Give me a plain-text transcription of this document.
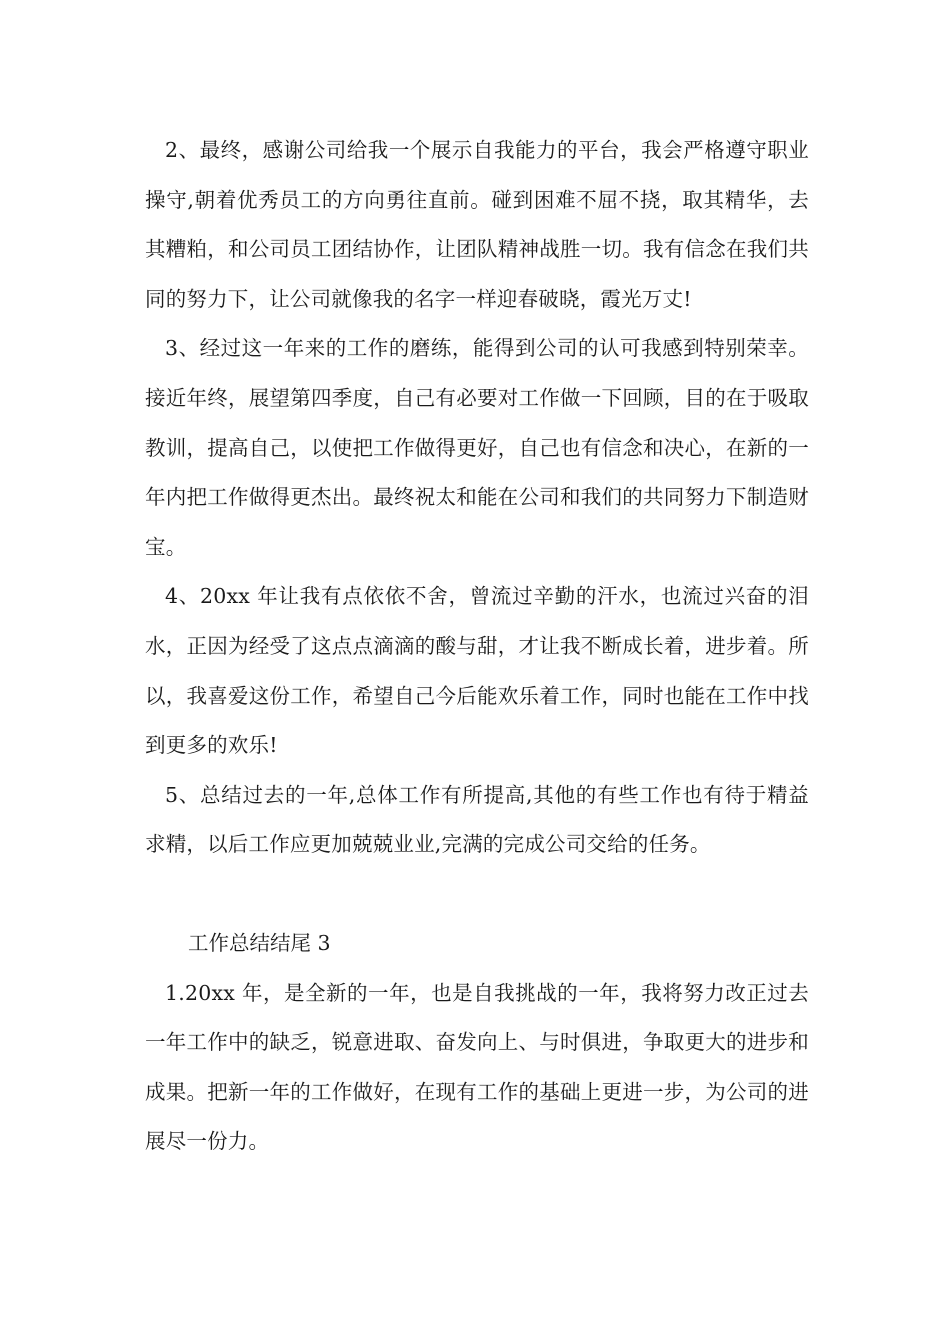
2、最终，感谢公司给我一个展示自我能力的平台，我会严格遵守职业操守,朝着优秀员工的方向勇往直前。碰到困难不屈不挠，取其精华，去其糟粕，和公司员工团结协作，让团队精神战胜一切。我有信念在我们共同的努力下，让公司就像我的名字一样迎春破晓，霞光万丈!

3、经过这一年来的工作的磨练，能得到公司的认可我感到特别荣幸。接近年终，展望第四季度，自己有必要对工作做一下回顾，目的在于吸取教训，提高自己，以使把工作做得更好，自己也有信念和决心，在新的一年内把工作做得更杰出。最终祝太和能在公司和我们的共同努力下制造财宝。

4、20xx 年让我有点依依不舍，曾流过辛勤的汗水，也流过兴奋的泪水，正因为经受了这点点滴滴的酸与甜，才让我不断成长着，进步着。所以，我喜爱这份工作，希望自己今后能欢乐着工作，同时也能在工作中找到更多的欢乐!

5、总结过去的一年,总体工作有所提高,其他的有些工作也有待于精益求精，以后工作应更加兢兢业业,完满的完成公司交给的任务。

工作总结结尾 3

1.20xx 年，是全新的一年，也是自我挑战的一年，我将努力改正过去一年工作中的缺乏，锐意进取、奋发向上、与时俱进，争取更大的进步和成果。把新一年的工作做好，在现有工作的基础上更进一步，为公司的进展尽一份力。
